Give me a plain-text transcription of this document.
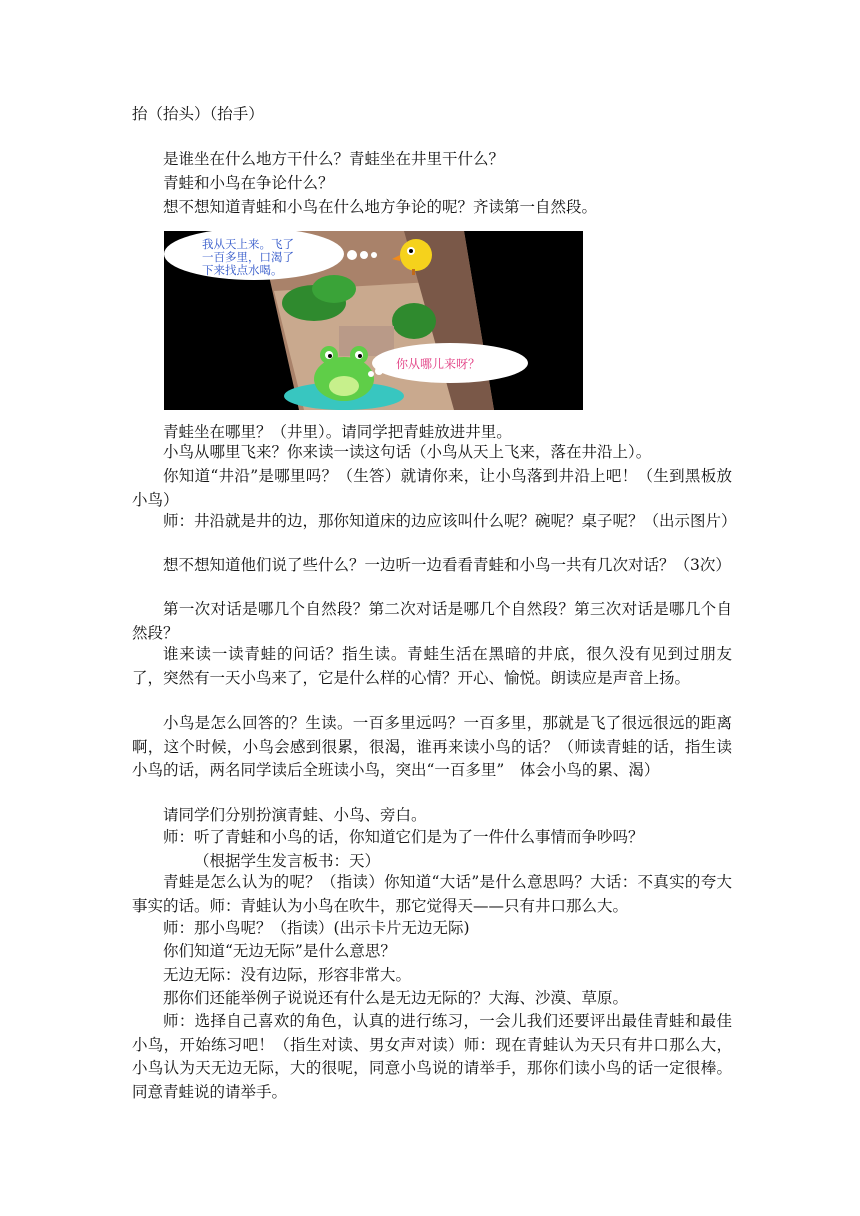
抬（抬头）（抬手）

是谁坐在什么地方干什么？青蛙坐在井里干什么？

青蛙和小鸟在争论什么？

想不想知道青蛙和小鸟在什么地方争论的呢？齐读第一自然段。

我从天上来。飞了
一百多里，口渴了
下来找点水喝。
你从哪儿来呀？

青蛙坐在哪里？（井里）。请同学把青蛙放进井里。

小鸟从哪里飞来？你来读一读这句话（小鸟从天上飞来，落在井沿上）。

你知道“井沿”是哪里吗？（生答）就请你来，让小鸟落到井沿上吧！（生到黑板放小鸟）

师：井沿就是井的边，那你知道床的边应该叫什么呢？碗呢？桌子呢？（出示图片）

想不想知道他们说了些什么？一边听一边看看青蛙和小鸟一共有几次对话？（3次）

第一次对话是哪几个自然段？第二次对话是哪几个自然段？第三次对话是哪几个自然段？

谁来读一读青蛙的问话？指生读。青蛙生活在黑暗的井底，很久没有见到过朋友了，突然有一天小鸟来了，它是什么样的心情？开心、愉悦。朗读应是声音上扬。

小鸟是怎么回答的？生读。一百多里远吗？一百多里，那就是飞了很远很远的距离啊，这个时候，小鸟会感到很累，很渴，谁再来读小鸟的话？（师读青蛙的话，指生读小鸟的话，两名同学读后全班读小鸟，突出“一百多里”　体会小鸟的累、渴）

请同学们分别扮演青蛙、小鸟、旁白。

师：听了青蛙和小鸟的话，你知道它们是为了一件什么事情而争吵吗？

（根据学生发言板书：天）

青蛙是怎么认为的呢？（指读）你知道“大话”是什么意思吗？大话：不真实的夸大事实的话。师：青蛙认为小鸟在吹牛，那它觉得天——只有井口那么大。

师：那小鸟呢？（指读）(出示卡片无边无际)

你们知道“无边无际”是什么意思？

无边无际：没有边际，形容非常大。

那你们还能举例子说说还有什么是无边无际的？大海、沙漠、草原。

师：选择自己喜欢的角色，认真的进行练习，一会儿我们还要评出最佳青蛙和最佳小鸟，开始练习吧！（指生对读、男女声对读）师：现在青蛙认为天只有井口那么大，小鸟认为天无边无际，大的很呢，同意小鸟说的请举手，那你们读小鸟的话一定很棒。同意青蛙说的请举手。
